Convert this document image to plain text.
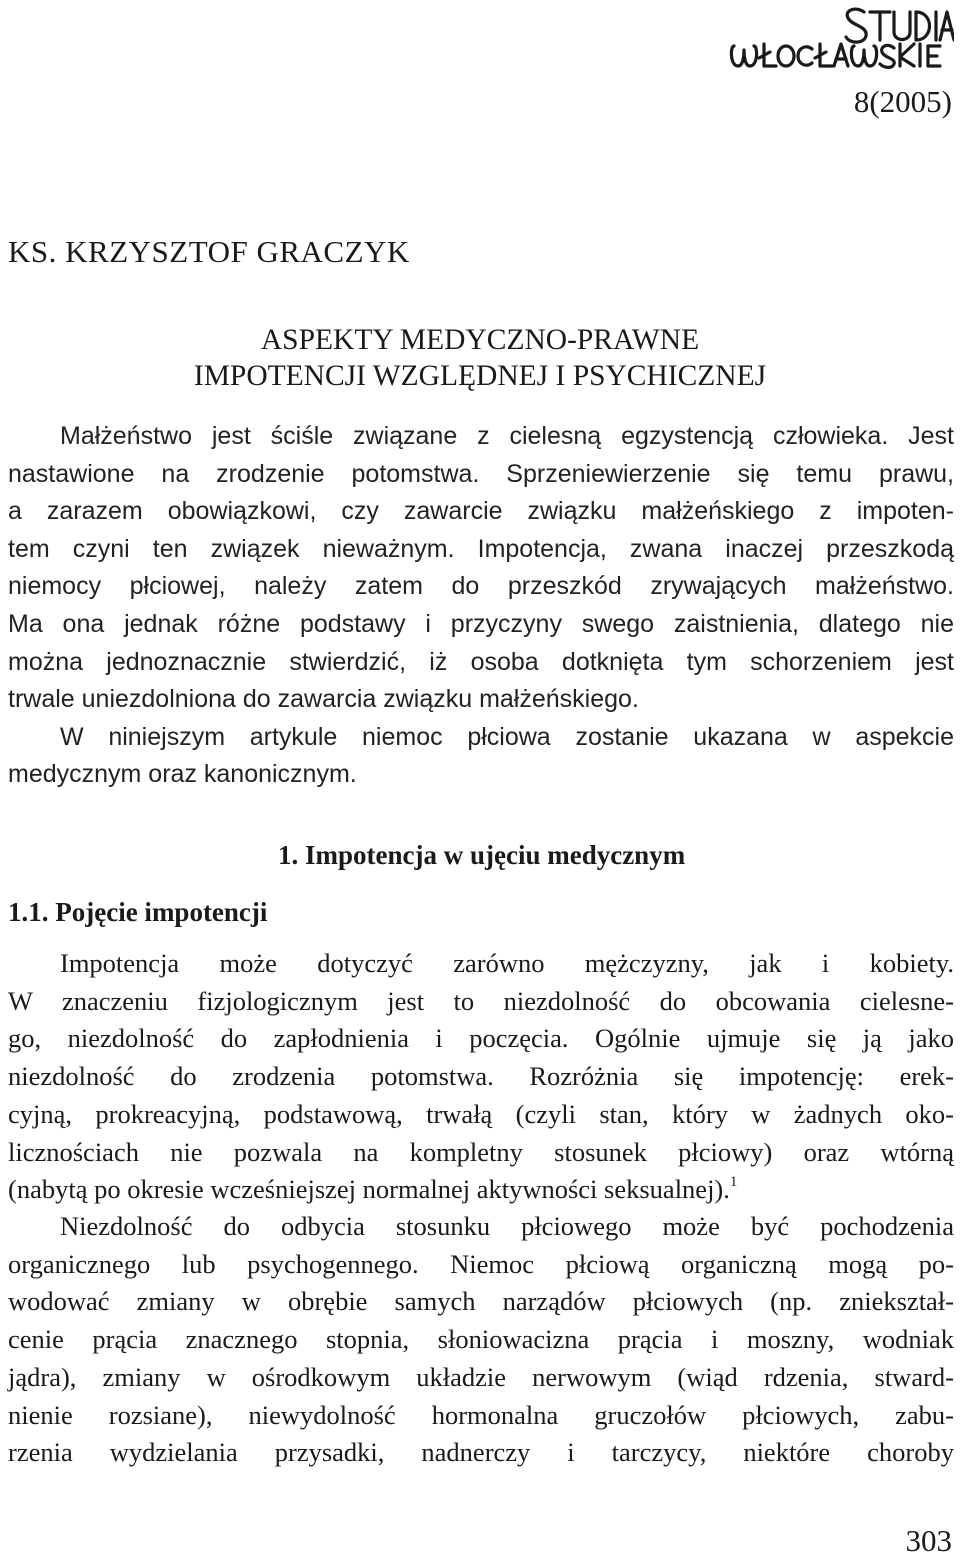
8(2005)
KS. KRZYSZTOF GRACZYK
ASPEKTY MEDYCZNO-PRAWNE
IMPOTENCJI WZGLĘDNEJ I PSYCHICZNEJ
Małżeństwo jest ściśle związane z cielesną egzystencją człowieka. Jest
nastawione na zrodzenie potomstwa. Sprzeniewierzenie się temu prawu,
a zarazem obowiązkowi, czy zawarcie związku małżeńskiego z impoten-
tem czyni ten związek nieważnym. Impotencja, zwana inaczej przeszkodą
niemocy płciowej, należy zatem do przeszkód zrywających małżeństwo.
Ma ona jednak różne podstawy i przyczyny swego zaistnienia, dlatego nie
można jednoznacznie stwierdzić, iż osoba dotknięta tym schorzeniem jest
trwale uniezdolniona do zawarcia związku małżeńskiego.
W niniejszym artykule niemoc płciowa zostanie ukazana w aspekcie
medycznym oraz kanonicznym.
1. Impotencja w ujęciu medycznym
1.1. Pojęcie impotencji
Impotencja może dotyczyć zarówno mężczyzny, jak i kobiety.
W znaczeniu fizjologicznym jest to niezdolność do obcowania cielesne-
go, niezdolność do zapłodnienia i poczęcia. Ogólnie ujmuje się ją jako
niezdolność do zrodzenia potomstwa. Rozróżnia się impotencję: erek-
cyjną, prokreacyjną, podstawową, trwałą (czyli stan, który w żadnych oko-
licznościach nie pozwala na kompletny stosunek płciowy) oraz wtórną
(nabytą po okresie wcześniejszej normalnej aktywności seksualnej).$^1$
Niezdolność do odbycia stosunku płciowego może być pochodzenia
organicznego lub psychogennego. Niemoc płciową organiczną mogą po-
wodować zmiany w obrębie samych narządów płciowych (np. zniekształ-
cenie prącia znacznego stopnia, słoniowacizna prącia i moszny, wodniak
jądra), zmiany w ośrodkowym układzie nerwowym (wiąd rdzenia, stward-
nienie rozsiane), niewydolność hormonalna gruczołów płciowych, zabu-
rzenia wydzielania przysadki, nadnerczy i tarczycy, niektóre choroby
303
